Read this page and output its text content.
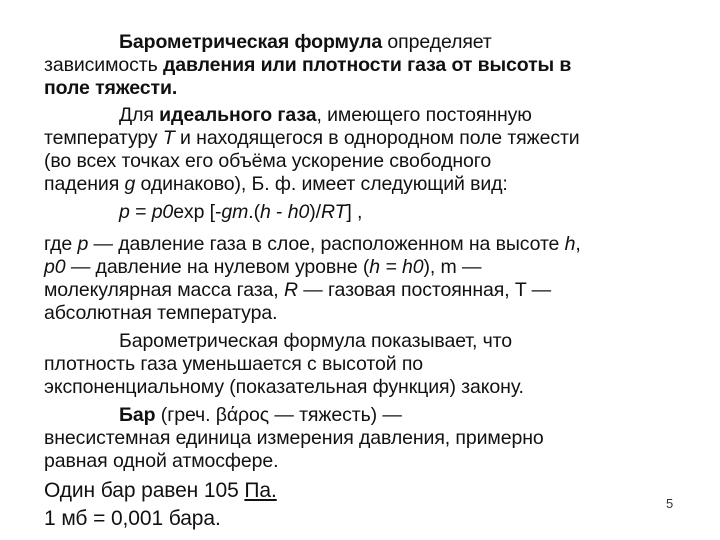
Барометрическая формула определяет
зависимость давления или плотности газа от высоты в
поле тяжести.
Для идеального газа, имеющего постоянную
температуру T и находящегося в однородном поле тяжести
(во всех точках его объёма ускорение свободного
падения g одинаково), Б. ф. имеет следующий вид:
p = p0exp [-gm.(h - h0)/RT] ,
где p — давление газа в слое, расположенном на высоте h,
p0 — давление на нулевом уровне (h = h0), m —
молекулярная масса газа, R — газовая постоянная, T —
абсолютная температура.
Барометрическая формула показывает, что
плотность газа уменьшается с высотой по
экспоненциальному (показательная функция) закону.
Бар (греч. βάρος — тяжесть) —
внесистемная единица измерения давления, примерно
равная одной атмосфере.
Один бар равен 105 Па.
1 мб = 0,001 бара.
5
